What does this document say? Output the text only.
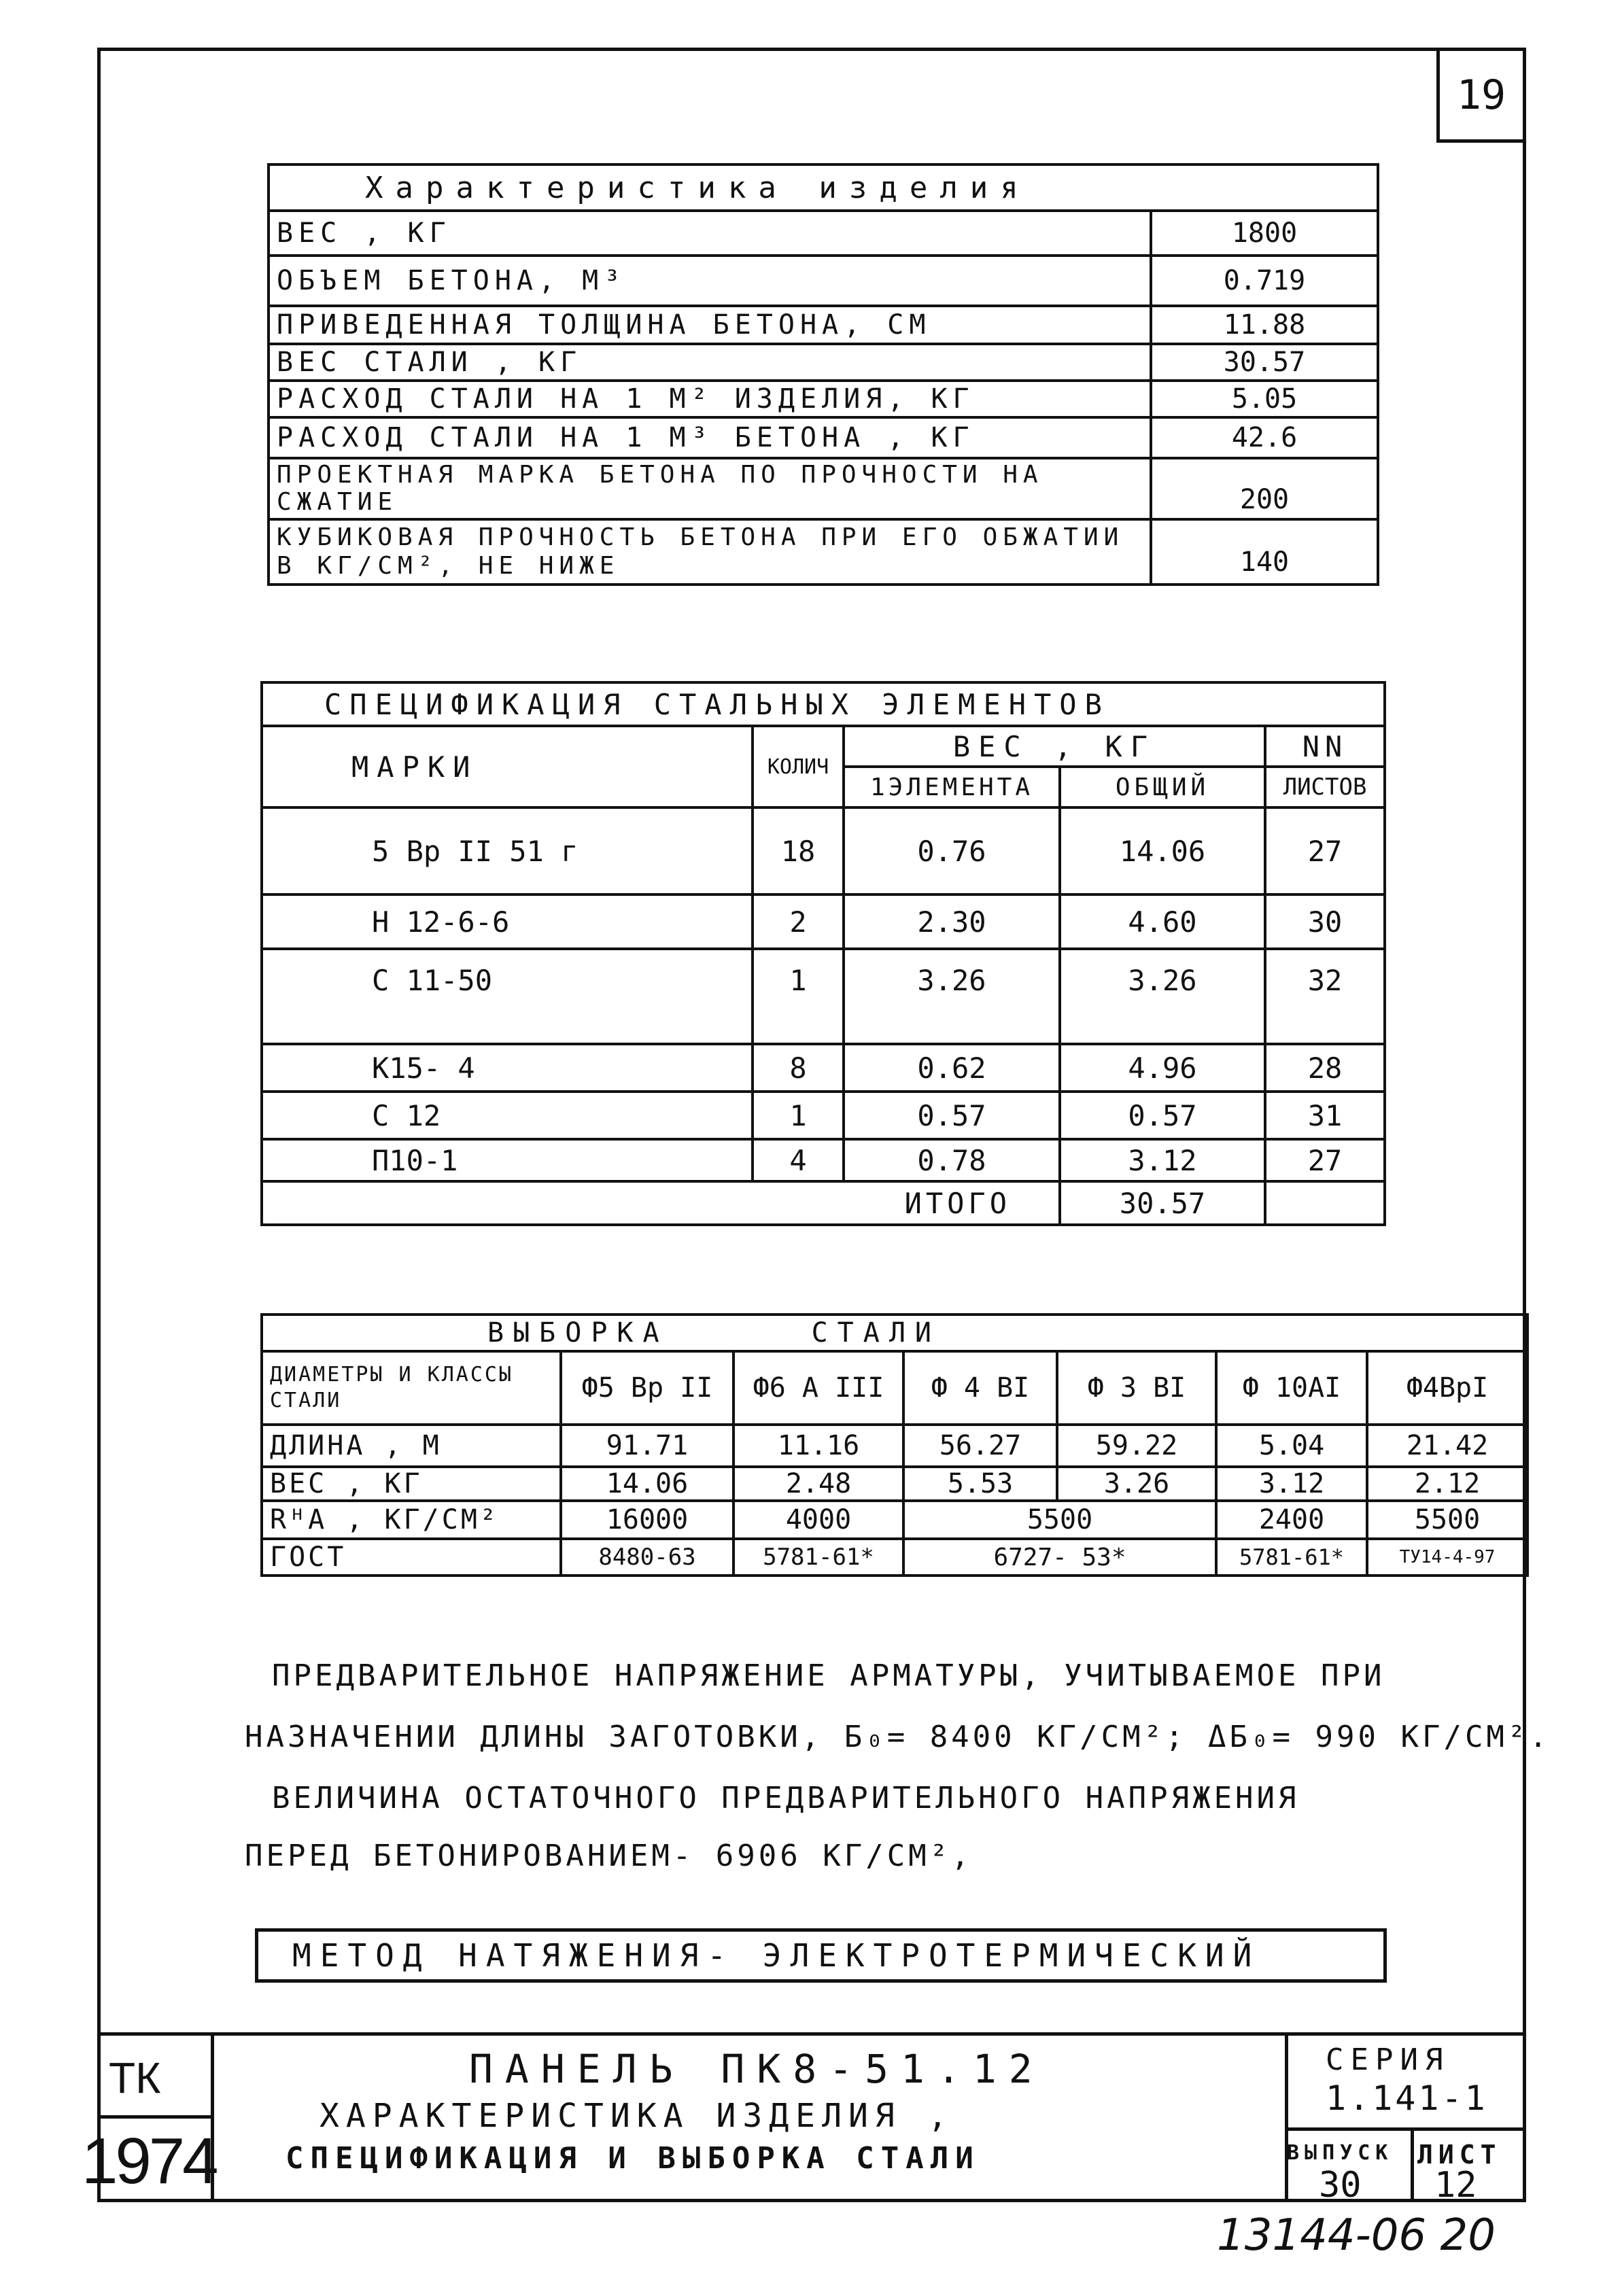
19
Характеристика изделия	
ВЕС , КГ	1800
ОБЪЕМ БЕТОНА, М³	0.719
ПРИВЕДЕННАЯ ТОЛЩИНА БЕТОНА, СМ	11.88
ВЕС СТАЛИ , КГ	30.57
РАСХОД СТАЛИ НА 1 М² ИЗДЕЛИЯ, КГ	5.05
РАСХОД СТАЛИ НА 1 М³ БЕТОНА , КГ	42.6
ПРОЕКТНАЯ МАРКА БЕТОНА ПО ПРОЧНОСТИ НА СЖАТИЕ	200
КУБИКОВАЯ ПРОЧНОСТЬ БЕТОНА ПРИ ЕГО ОБЖАТИИ В КГ/СМ², НЕ НИЖЕ	140
СПЕЦИФИКАЦИЯ СТАЛЬНЫХ ЭЛЕМЕНТОВ				
МАРКИ	КОЛИЧ	ВЕС , КГ		NN
		1ЭЛЕМЕНТА	ОБЩИЙ	ЛИСТОВ
5 Вр II 51 г	18	0.76	14.06	27
Н 12-6-6	2	2.30	4.60	30
С 11-50	1	3.26	3.26	32
К15- 4	8	0.62	4.96	28
С 12	1	0.57	0.57	31
П10-1	4	0.78	3.12	27
ИТОГО			30.57	
ВЫБОРКА СТАЛИ						
ДИАМЕТРЫ И КЛАССЫ СТАЛИ	Ф5 Вр II	Ф6 А III	Ф 4 ВI	Ф 3 ВI	Ф 10АI	Ф4ВрI
ДЛИНА , М	91.71	11.16	56.27	59.22	5.04	21.42
ВЕС , КГ	14.06	2.48	5.53	3.26	3.12	2.12
RᴴА , КГ/СМ²	16000	4000	5500		2400	5500
ГОСТ	8480-63	5781-61*	6727- 53*		5781-61*	ТУ14-4-97
ПРЕДВАРИТЕЛЬНОЕ НАПРЯЖЕНИЕ АРМАТУРЫ, УЧИТЫВАЕМОЕ ПРИ
НАЗНАЧЕНИИ ДЛИНЫ ЗАГОТОВКИ, Б₀= 8400 КГ/СМ²; ΔБ₀= 990 КГ/СМ².
ВЕЛИЧИНА ОСТАТОЧНОГО ПРЕДВАРИТЕЛЬНОГО НАПРЯЖЕНИЯ
ПЕРЕД БЕТОНИРОВАНИЕМ- 6906 КГ/СМ²,
МЕТОД НАТЯЖЕНИЯ- ЭЛЕКТРОТЕРМИЧЕСКИЙ
ТК
1974
ПАНЕЛЬ ПК8-51.12
ХАРАКТЕРИСТИКА ИЗДЕЛИЯ ,
СПЕЦИФИКАЦИЯ И ВЫБОРКА СТАЛИ
СЕРИЯ
1.141-1
ВЫПУСК
30
ЛИСТ
12
13144-06 20
